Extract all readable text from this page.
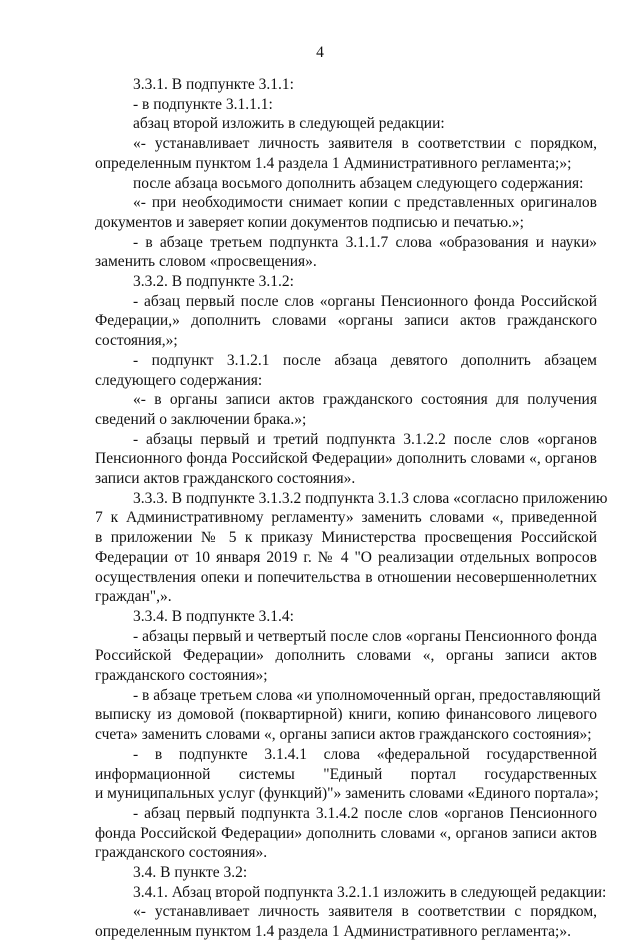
4
3.3.1. В подпункте 3.1.1:
- в подпункте 3.1.1.1:
абзац второй изложить в следующей редакции:
«- устанавливает личность заявителя в соответствии с порядком,
определенным пунктом 1.4 раздела 1 Административного регламента;»;
после абзаца восьмого дополнить абзацем следующего содержания:
«- при необходимости снимает копии с представленных оригиналов
документов и заверяет копии документов подписью и печатью.»;
- в абзаце третьем подпункта 3.1.1.7 слова «образования и науки»
заменить словом «просвещения».
3.3.2. В подпункте 3.1.2:
- абзац первый после слов «органы Пенсионного фонда Российской
Федерации,» дополнить словами «органы записи актов гражданского
состояния,»;
- подпункт 3.1.2.1 после абзаца девятого дополнить абзацем
следующего содержания:
«- в органы записи актов гражданского состояния для получения
сведений о заключении брака.»;
- абзацы первый и третий подпункта 3.1.2.2 после слов «органов
Пенсионного фонда Российской Федерации» дополнить словами «, органов
записи актов гражданского состояния».
3.3.3. В подпункте 3.1.3.2 подпункта 3.1.3 слова «согласно приложению
7 к Административному регламенту» заменить словами «, приведенной
в приложении № 5 к приказу Министерства просвещения Российской
Федерации от 10 января 2019 г. № 4 "О реализации отдельных вопросов
осуществления опеки и попечительства в отношении несовершеннолетних
граждан",».
3.3.4. В подпункте 3.1.4:
- абзацы первый и четвертый после слов «органы Пенсионного фонда
Российской Федерации» дополнить словами «, органы записи актов
гражданского состояния»;
- в абзаце третьем слова «и уполномоченный орган, предоставляющий
выписку из домовой (поквартирной) книги, копию финансового лицевого
счета» заменить словами «, органы записи актов гражданского состояния»;
- в подпункте 3.1.4.1 слова «федеральной государственной
информационной системы "Единый портал государственных
и муниципальных услуг (функций)"» заменить словами «Единого портала»;
- абзац первый подпункта 3.1.4.2 после слов «органов Пенсионного
фонда Российской Федерации» дополнить словами «, органов записи актов
гражданского состояния».
3.4. В пункте 3.2:
3.4.1. Абзац второй подпункта 3.2.1.1 изложить в следующей редакции:
«- устанавливает личность заявителя в соответствии с порядком,
определенным пунктом 1.4 раздела 1 Административного регламента;».
